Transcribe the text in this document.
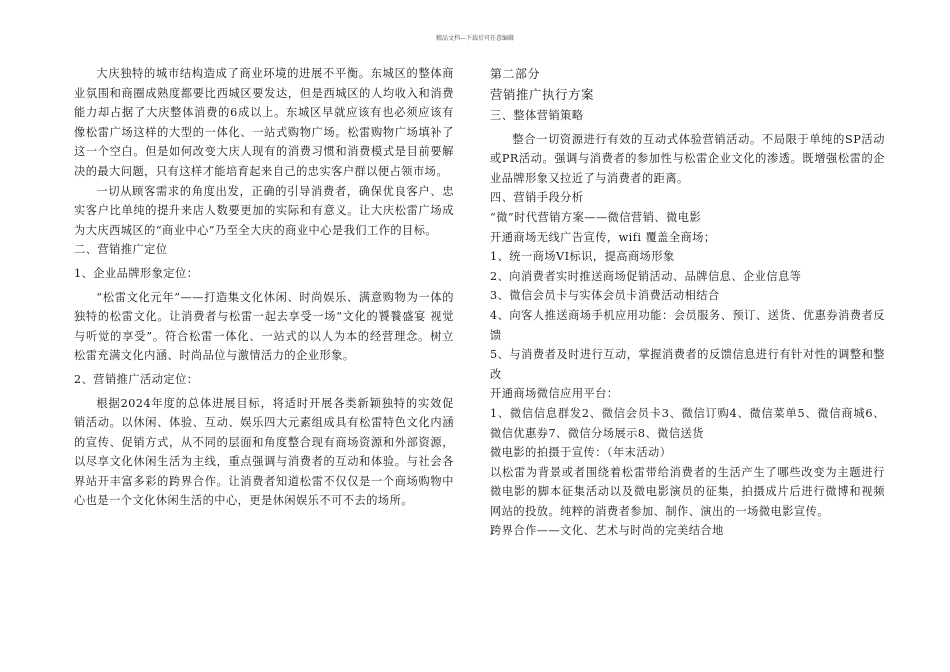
精品文档---下载后可任意编辑

大庆独特的城市结构造成了商业环境的进展不平衡。东城区的整体商业氛围和商圈成熟度都要比西城区要发达，但是西城区的人均收入和消费能力却占据了大庆整体消费的6成以上。东城区早就应该有也必须应该有像松雷广场这样的大型的一体化、一站式购物广场。松雷购物广场填补了这一个空白。但是如何改变大庆人现有的消费习惯和消费模式是目前要解决的最大问题，只有这样才能培育起来自己的忠实客户群以便占领市场。

一切从顾客需求的角度出发，正确的引导消费者，确保优良客户、忠实客户比单纯的提升来店人数要更加的实际和有意义。让大庆松雷广场成为大庆西城区的“商业中心”乃至全大庆的商业中心是我们工作的目标。

二、营销推广定位

1、企业品牌形象定位：

“松雷文化元年”——打造集文化休闲、时尚娱乐、满意购物为一体的独特的松雷文化。让消费者与松雷一起去享受一场“文化的饕餮盛宴 视觉与听觉的享受”。符合松雷一体化、一站式的以人为本的经营理念。树立松雷充满文化内涵、时尚品位与激情活力的企业形象。

2、营销推广活动定位：

根据2024年度的总体进展目标，将适时开展各类新颖独特的实效促销活动。以休闲、体验、互动、娱乐四大元素组成具有松雷特色文化内涵的宣传、促销方式，从不同的层面和角度整合现有商场资源和外部资源，以尽享文化休闲生活为主线，重点强调与消费者的互动和体验。与社会各界站开丰富多彩的跨界合作。让消费者知道松雷不仅仅是一个商场购物中心也是一个文化休闲生活的中心，更是休闲娱乐不可不去的场所。

第二部分

营销推广执行方案

三、整体营销策略

整合一切资源进行有效的互动式体验营销活动。不局限于单纯的SP活动或PR活动。强调与消费者的参加性与松雷企业文化的渗透。既增强松雷的企业品牌形象又拉近了与消费者的距离。

四、营销手段分析

“微”时代营销方案——微信营销、微电影

开通商场无线广告宣传，wifi 覆盖全商场；

1、统一商场VI标识，提高商场形象

2、向消费者实时推送商场促销活动、品牌信息、企业信息等

3、微信会员卡与实体会员卡消费活动相结合

4、向客人推送商场手机应用功能：会员服务、预订、送货、优惠券消费者反馈

5、与消费者及时进行互动，掌握消费者的反馈信息进行有针对性的调整和整改

开通商场微信应用平台：

1、微信信息群发2、微信会员卡3、微信订购4、微信菜单5、微信商城6、微信优惠券7、微信分场展示8、微信送货

微电影的拍摄于宣传：（年末活动）

以松雷为背景或者围绕着松雷带给消费者的生活产生了哪些改变为主题进行微电影的脚本征集活动以及微电影演员的征集，拍摄成片后进行微博和视频网站的投放。纯粹的消费者参加、制作、演出的一场微电影宣传。

跨界合作——文化、艺术与时尚的完美结合地
